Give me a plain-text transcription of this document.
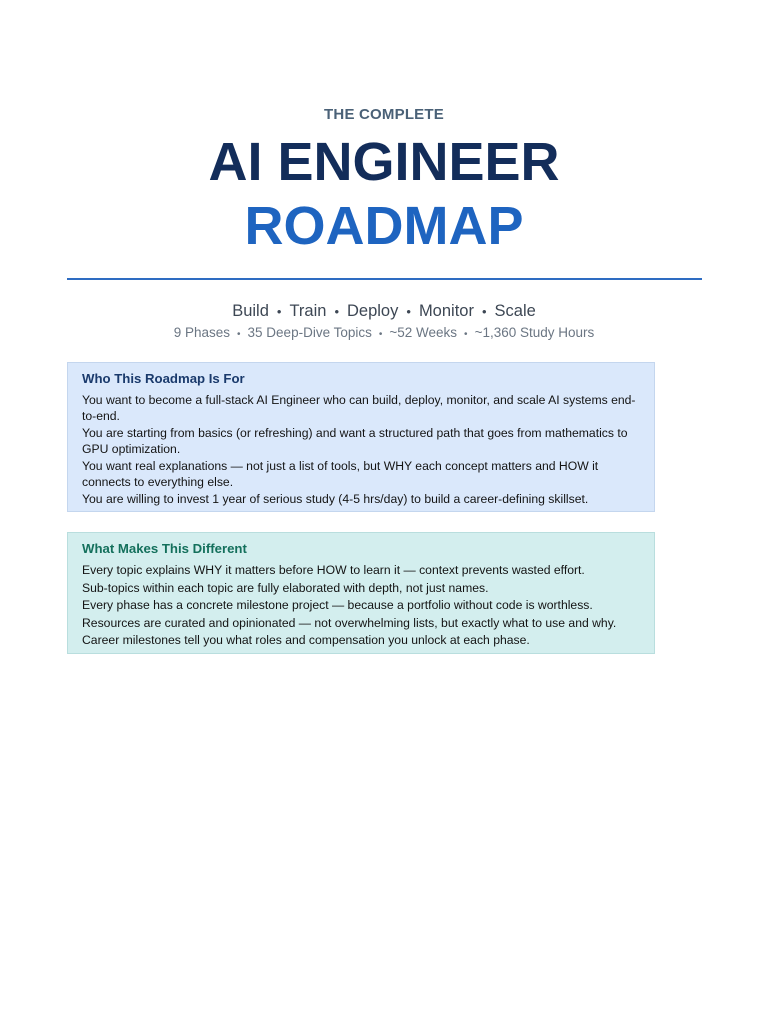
THE COMPLETE
AI ENGINEER
ROADMAP
Build • Train • Deploy • Monitor • Scale
9 Phases • 35 Deep-Dive Topics • ~52 Weeks • ~1,360 Study Hours
Who This Roadmap Is For
You want to become a full-stack AI Engineer who can build, deploy, monitor, and scale AI systems end-to-end.
You are starting from basics (or refreshing) and want a structured path that goes from mathematics to GPU optimization.
You want real explanations — not just a list of tools, but WHY each concept matters and HOW it connects to everything else.
You are willing to invest 1 year of serious study (4-5 hrs/day) to build a career-defining skillset.
What Makes This Different
Every topic explains WHY it matters before HOW to learn it — context prevents wasted effort.
Sub-topics within each topic are fully elaborated with depth, not just names.
Every phase has a concrete milestone project — because a portfolio without code is worthless.
Resources are curated and opinionated — not overwhelming lists, but exactly what to use and why.
Career milestones tell you what roles and compensation you unlock at each phase.
